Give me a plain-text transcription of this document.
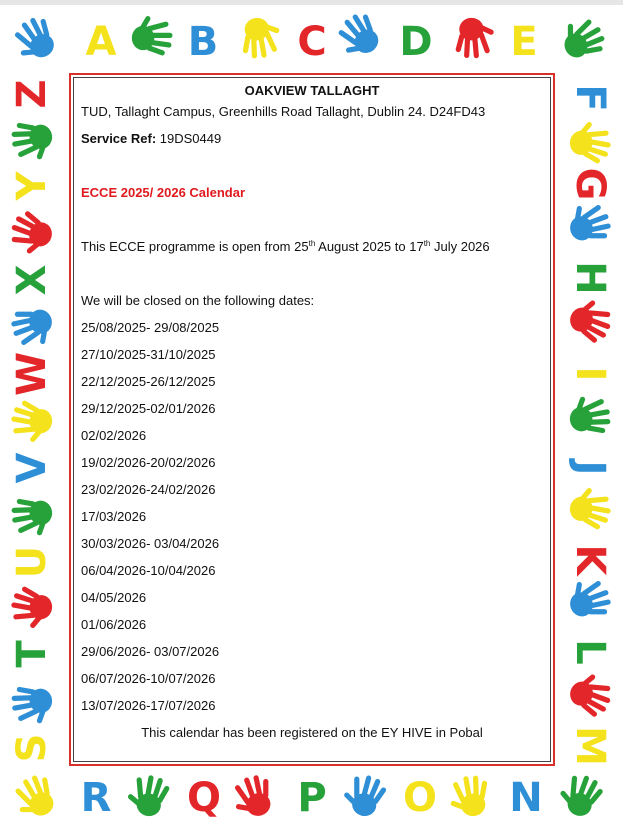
A B C D E
F
G
H
I
J
K
L
M
N
O
P
Q
R
S
T
U
V
W
X
Y
Z	OAKVIEW TALLAGHT
TUD, Tallaght Campus, Greenhills Road Tallaght, Dublin 24. D24FD43
Service Ref: 19DS0449
ECCE 2025/ 2026 Calendar
This ECCE programme is open from 25th August 2025 to 17th July 2026
We will be closed on the following dates:
25/08/2025- 29/08/2025
27/10/2025-31/10/2025
22/12/2025-26/12/2025
29/12/2025-02/01/2026
02/02/2026
19/02/2026-20/02/2026
23/02/2026-24/02/2026
17/03/2026
30/03/2026- 03/04/2026
06/04/2026-10/04/2026
04/05/2026
01/06/2026
29/06/2026- 03/07/2026
06/07/2026-10/07/2026
13/07/2026-17/07/2026
This calendar has been registered on the EY HIVE in Pobal
